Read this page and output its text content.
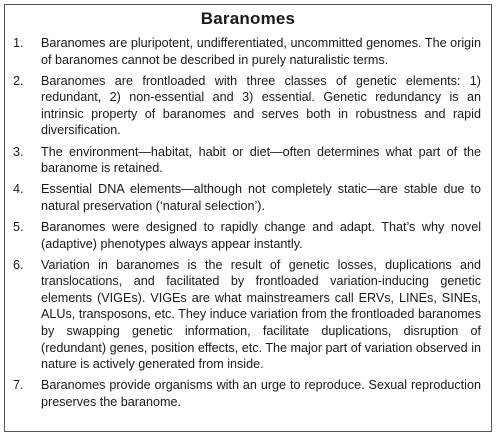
Baranomes
1.	Baranomes are pluripotent, undifferentiated, uncommitted genomes. The origin of baranomes cannot be described in purely naturalistic terms.
2.	Baranomes are frontloaded with three classes of genetic elements: 1) redundant, 2) non-essential and 3) essential. Genetic redundancy is an intrinsic property of baranomes and serves both in robustness and rapid diversification.
3.	The environment—habitat, habit or diet—often determines what part of the baranome is retained.
4.	Essential DNA elements—although not completely static—are stable due to natural preservation (‘natural selection’).
5.	Baranomes were designed to rapidly change and adapt. That’s why novel (adaptive) phenotypes always appear instantly.
6.	Variation in baranomes is the result of genetic losses, duplications and translocations, and facilitated by frontloaded variation-inducing genetic elements (VIGEs). VIGEs are what mainstreamers call ERVs, LINEs, SINEs, ALUs, transposons, etc. They induce variation from the frontloaded baranomes by swapping genetic information, facilitate duplications, disruption of (redundant) genes, position effects, etc. The major part of variation observed in nature is actively generated from inside.
7.	Baranomes provide organisms with an urge to reproduce. Sexual reproduction preserves the baranome.
